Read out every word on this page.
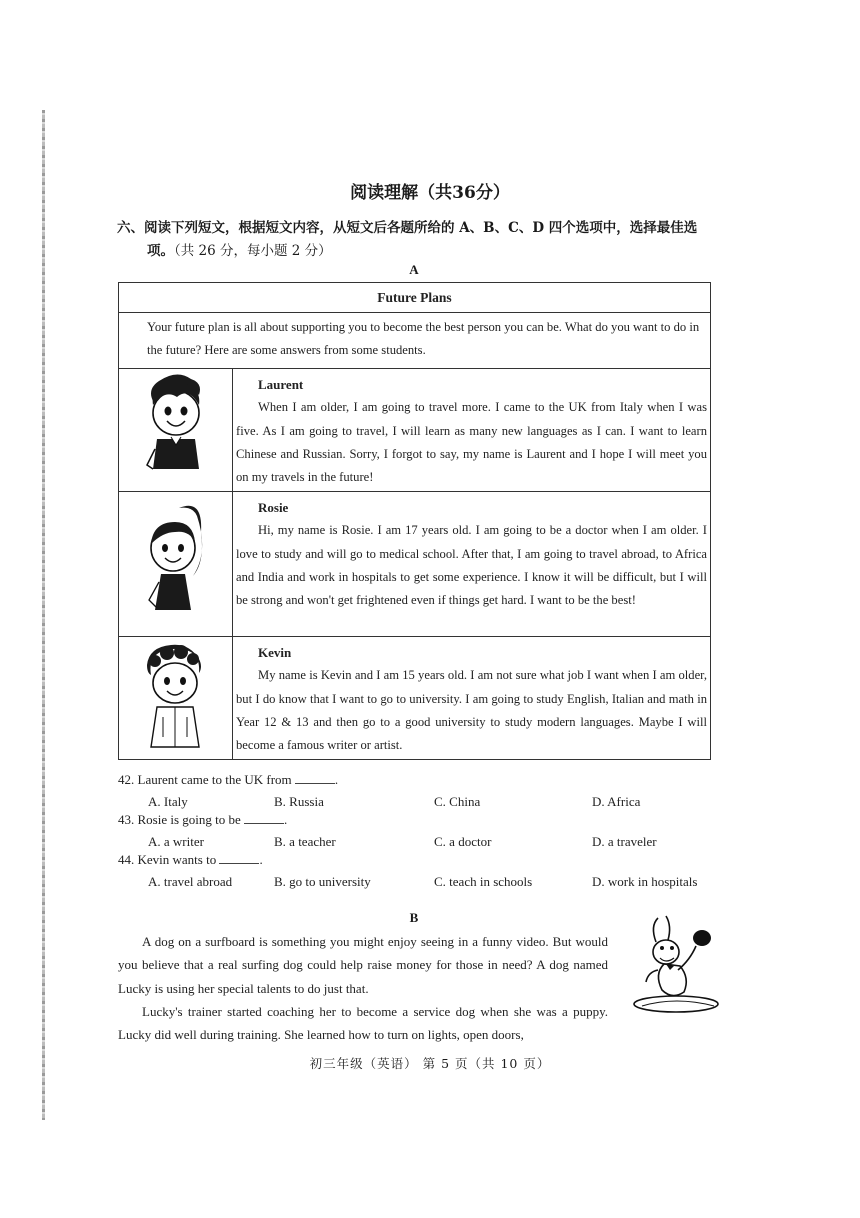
阅读理解（共36分）
六、阅读下列短文，根据短文内容，从短文后各题所给的 A、B、C、D 四个选项中，选择最佳选
项。（共 26 分，每小题 2 分）
A
Future Plans	

Your future plan is all about supporting you to become the best person you can be. What do you want to do in the future? Here are some answers from some students.	

Laurent
When I am older, I am going to travel more. I came to the UK from Italy when I was five. As I am going to travel, I will learn as many new languages as I can. I want to learn Chinese and Russian. Sorry, I forgot to say, my name is Laurent and I hope I will meet you on my travels in the future!

Rosie
Hi, my name is Rosie. I am 17 years old. I am going to be a doctor when I am older. I love to study and will go to medical school. After that, I am going to travel abroad, to Africa and India and work in hospitals to get some experience. I know it will be difficult, but I will be strong and won't get frightened even if things get hard. I want to be the best!

Kevin
My name is Kevin and I am 15 years old. I am not sure what job I want when I am older, but I do know that I want to go to university. I am going to study English, Italian and math in Year 12 & 13 and then go to a good university to study modern languages. Maybe I will become a famous writer or artist.
42. Laurent came to the UK from	.
A. Italy	B. Russia	C. China	D. Africa
43. Rosie is going to be	.
A. a writer	B. a teacher	C. a doctor	D. a traveler
44. Kevin wants to	.
A. travel abroad	B. go to university	C. teach in schools	D. work in hospitals
B

A dog on a surfboard is something you might enjoy seeing in a funny video. But would you believe that a real surfing dog could help raise money for those in need? A dog named Lucky is using her special talents to do just that.

Lucky's trainer started coaching her to become a service dog when she was a puppy. Lucky did well during training. She learned how to turn on lights, open doors,

初三年级（英语） 第 5 页（共 10 页）
